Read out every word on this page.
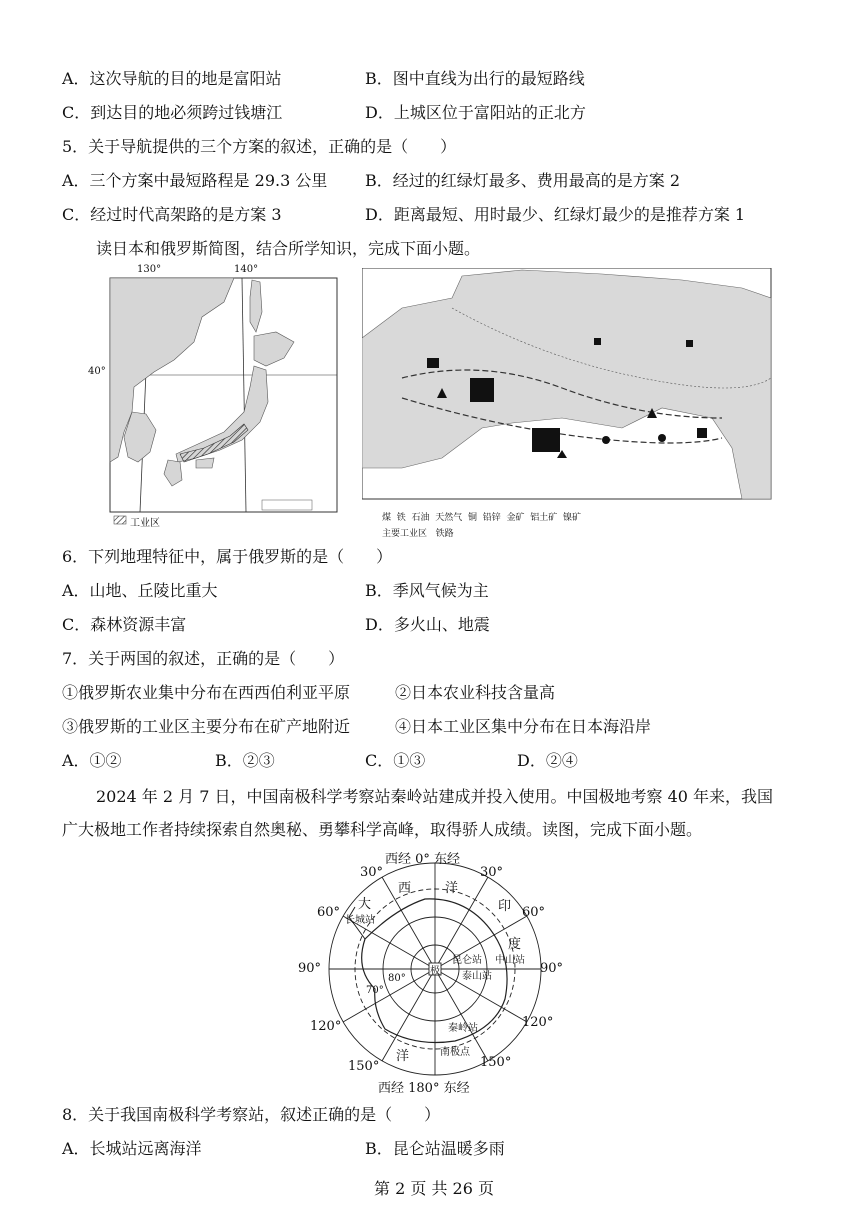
A．这次导航的目的地是富阳站	B．图中直线为出行的最短路线
C．到达目的地必须跨过钱塘江	D．上城区位于富阳站的正北方
5．关于导航提供的三个方案的叙述，正确的是（　　）
A．三个方案中最短路程是 29.3 公里 B．经过的红绿灯最多、费用最高的是方案 2
C．经过时代高架路的是方案 3	D．距离最短、用时最少、红绿灯最少的是推荐方案 1
读日本和俄罗斯简图，结合所学知识，完成下面小题。
130°	140°
40°
工业区	煤 铁 石油 天然气 铜 铅锌 金矿 铝土矿 镍矿
主要工业区 铁路
6．下列地理特征中，属于俄罗斯的是（　　）
A．山地、丘陵比重大	B．季风气候为主
C．森林资源丰富	D．多火山、地震
7．关于两国的叙述，正确的是（　　）
①俄罗斯农业集中分布在西西伯利亚平原	②日本农业科技含量高
③俄罗斯的工业区主要分布在矿产地附近	④日本工业区集中分布在日本海沿岸
A．①②	B．②③	C．①③	D．②④
2024 年 2 月 7 日，中国南极科学考察站秦岭站建成并投入使用。中国极地考察 40 年来，我国
广大极地工作者持续探索自然奥秘、勇攀科学高峰，取得骄人成绩。读图，完成下面小题。
西经 0° 东经
西经 180° 东经
30°	30°
60°	60°
90°	90°
120°	120°
150°	150°
西	洋
大	印
度
洋
长城站
极
昆仑站 中山站
泰山站
秦岭站
南极点
80°
70°
8．关于我国南极科学考察站，叙述正确的是（　　）
A．长城站远离海洋	B．昆仑站温暖多雨
第 2 页 共 26 页
